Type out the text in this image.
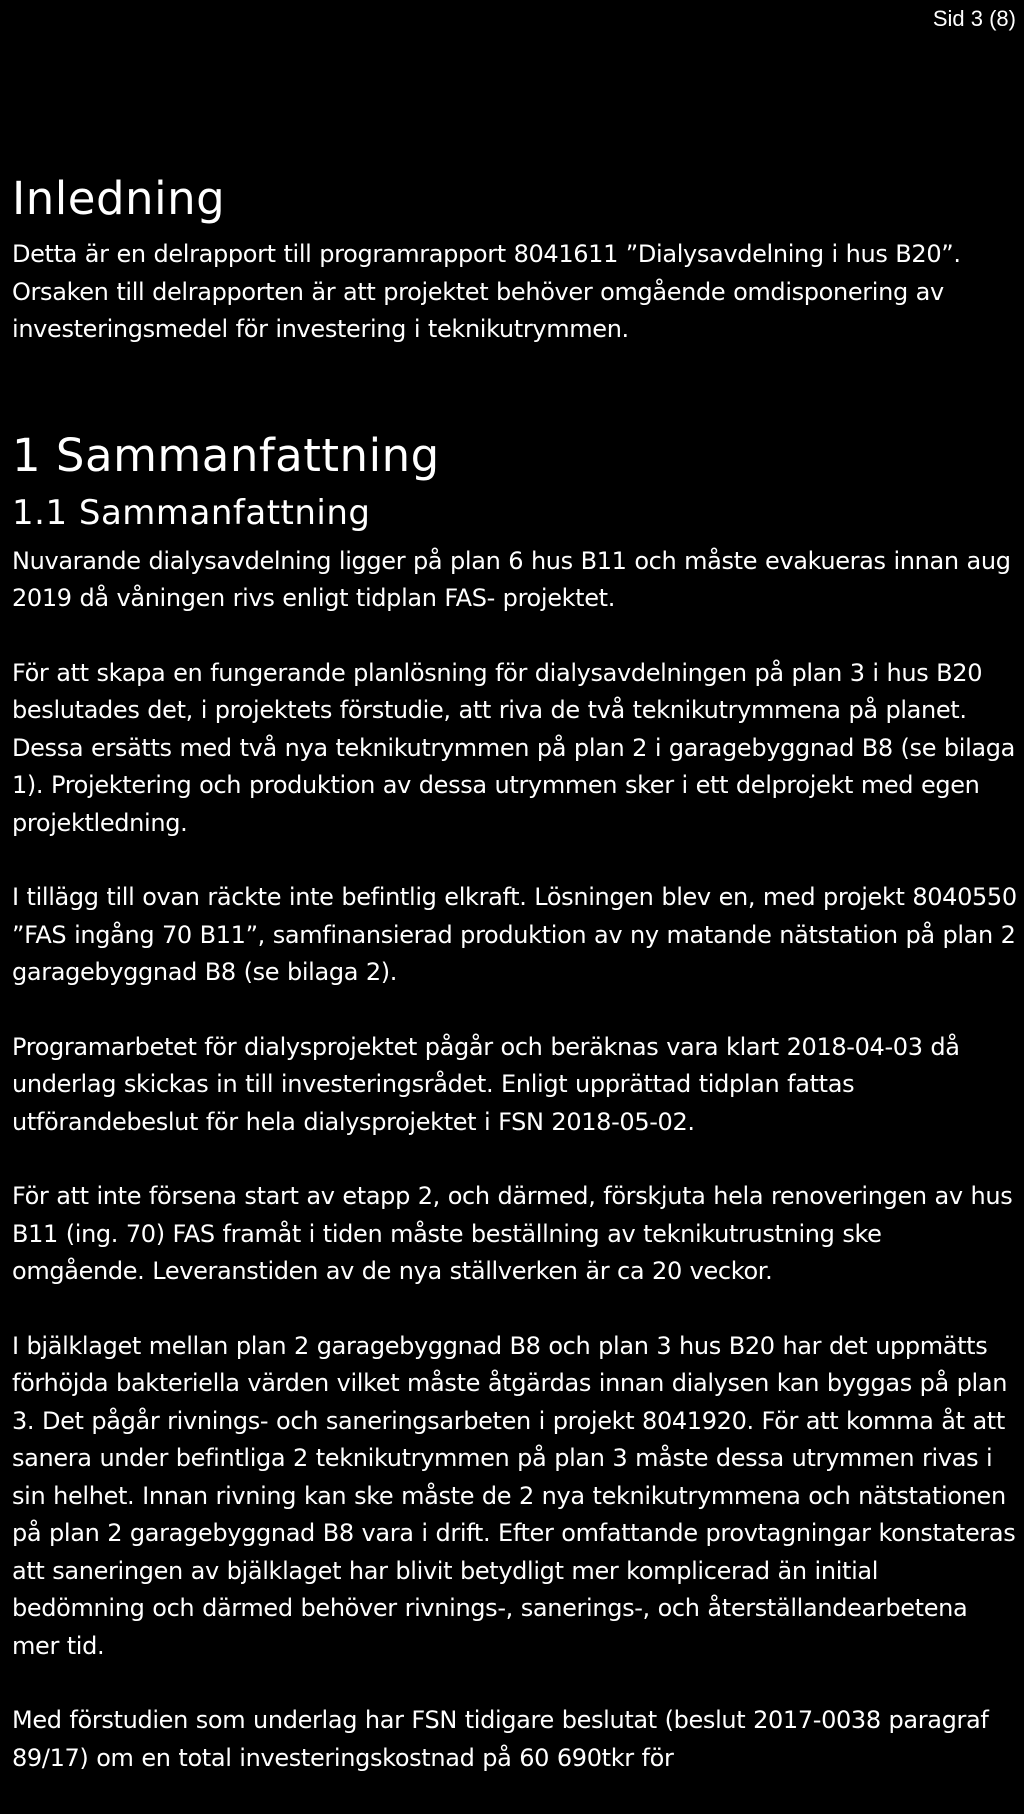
Sid 3 (8)
Inledning

Detta är en delrapport till programrapport 8041611 ”Dialysavdelning i hus B20”. Orsaken till delrapporten är att projektet behöver omgående omdisponering av investeringsmedel för investering i teknikutrymmen.

1 Sammanfattning
1.1 Sammanfattning

Nuvarande dialysavdelning ligger på plan 6 hus B11 och måste evakueras innan aug 2019 då våningen rivs enligt tidplan FAS- projektet.

För att skapa en fungerande planlösning för dialysavdelningen på plan 3 i hus B20 beslutades det, i projektets förstudie, att riva de två teknikutrymmena på planet. Dessa ersätts med två nya teknikutrymmen på plan 2 i garagebyggnad B8 (se bilaga 1). Projektering och produktion av dessa utrymmen sker i ett delprojekt med egen projektledning.

I tillägg till ovan räckte inte befintlig elkraft. Lösningen blev en, med projekt 8040550 ”FAS ingång 70 B11”, samfinansierad produktion av ny matande nätstation på plan 2 garagebyggnad B8 (se bilaga 2).

Programarbetet för dialysprojektet pågår och beräknas vara klart 2018-04-03 då underlag skickas in till investeringsrådet. Enligt upprättad tidplan fattas utförandebeslut för hela dialysprojektet i FSN 2018-05-02.

För att inte försena start av etapp 2, och därmed, förskjuta hela renoveringen av hus B11 (ing. 70) FAS framåt i tiden måste beställning av teknikutrustning ske omgående. Leveranstiden av de nya ställverken är ca 20 veckor.

I bjälklaget mellan plan 2 garagebyggnad B8 och plan 3 hus B20 har det uppmätts förhöjda bakteriella värden vilket måste åtgärdas innan dialysen kan byggas på plan 3. Det pågår rivnings- och saneringsarbeten i projekt 8041920. För att komma åt att sanera under befintliga 2 teknikutrymmen på plan 3 måste dessa utrymmen rivas i sin helhet. Innan rivning kan ske måste de 2 nya teknikutrymmena och nätstationen på plan 2 garagebyggnad B8 vara i drift. Efter omfattande provtagningar konstateras att saneringen av bjälklaget har blivit betydligt mer komplicerad än initial bedömning och därmed behöver rivnings-, sanerings-, och återställandearbetena mer tid.

Med förstudien som underlag har FSN tidigare beslutat (beslut 2017-0038 paragraf 89/17) om en total investeringskostnad på 60 690tkr för
